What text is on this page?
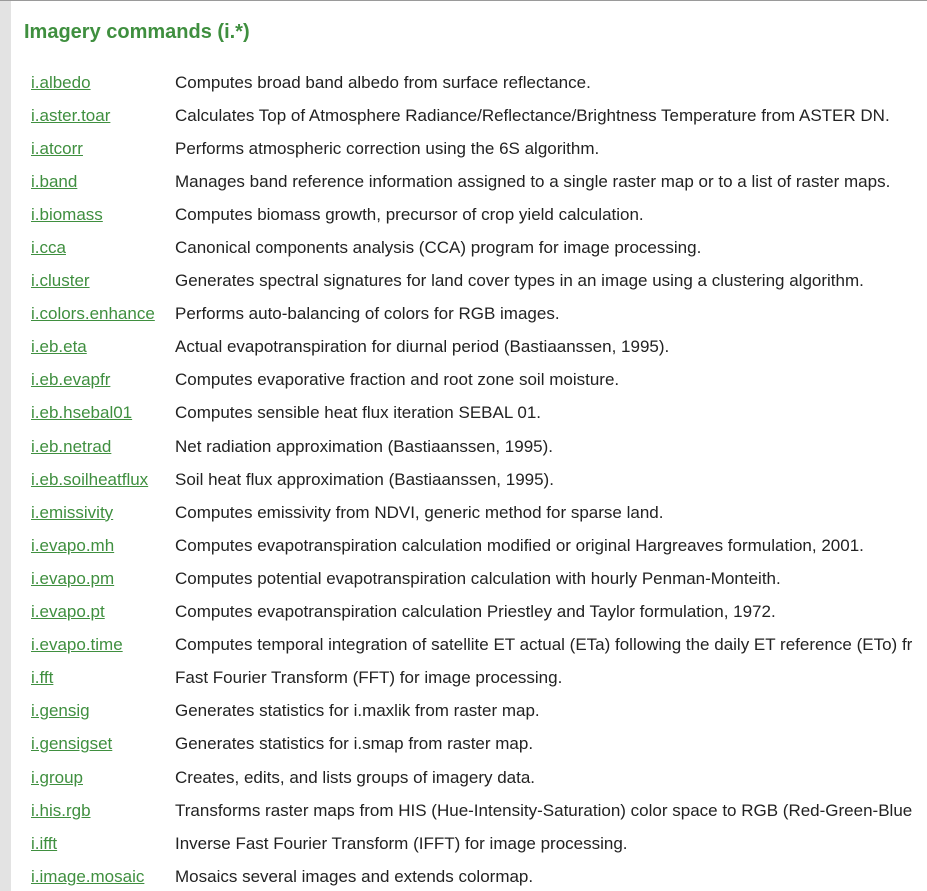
Imagery commands (i.*)
i.albedo	Computes broad band albedo from surface reflectance.
i.aster.toar	Calculates Top of Atmosphere Radiance/Reflectance/Brightness Temperature from ASTER DN.
i.atcorr	Performs atmospheric correction using the 6S algorithm.
i.band	Manages band reference information assigned to a single raster map or to a list of raster maps.
i.biomass	Computes biomass growth, precursor of crop yield calculation.
i.cca	Canonical components analysis (CCA) program for image processing.
i.cluster	Generates spectral signatures for land cover types in an image using a clustering algorithm.
i.colors.enhance	Performs auto-balancing of colors for RGB images.
i.eb.eta	Actual evapotranspiration for diurnal period (Bastiaanssen, 1995).
i.eb.evapfr	Computes evaporative fraction and root zone soil moisture.
i.eb.hsebal01	Computes sensible heat flux iteration SEBAL 01.
i.eb.netrad	Net radiation approximation (Bastiaanssen, 1995).
i.eb.soilheatflux	Soil heat flux approximation (Bastiaanssen, 1995).
i.emissivity	Computes emissivity from NDVI, generic method for sparse land.
i.evapo.mh	Computes evapotranspiration calculation modified or original Hargreaves formulation, 2001.
i.evapo.pm	Computes potential evapotranspiration calculation with hourly Penman-Monteith.
i.evapo.pt	Computes evapotranspiration calculation Priestley and Taylor formulation, 1972.
i.evapo.time	Computes temporal integration of satellite ET actual (ETa) following the daily ET reference (ETo) fr
i.fft	Fast Fourier Transform (FFT) for image processing.
i.gensig	Generates statistics for i.maxlik from raster map.
i.gensigset	Generates statistics for i.smap from raster map.
i.group	Creates, edits, and lists groups of imagery data.
i.his.rgb	Transforms raster maps from HIS (Hue-Intensity-Saturation) color space to RGB (Red-Green-Blue
i.ifft	Inverse Fast Fourier Transform (IFFT) for image processing.
i.image.mosaic	Mosaics several images and extends colormap.
